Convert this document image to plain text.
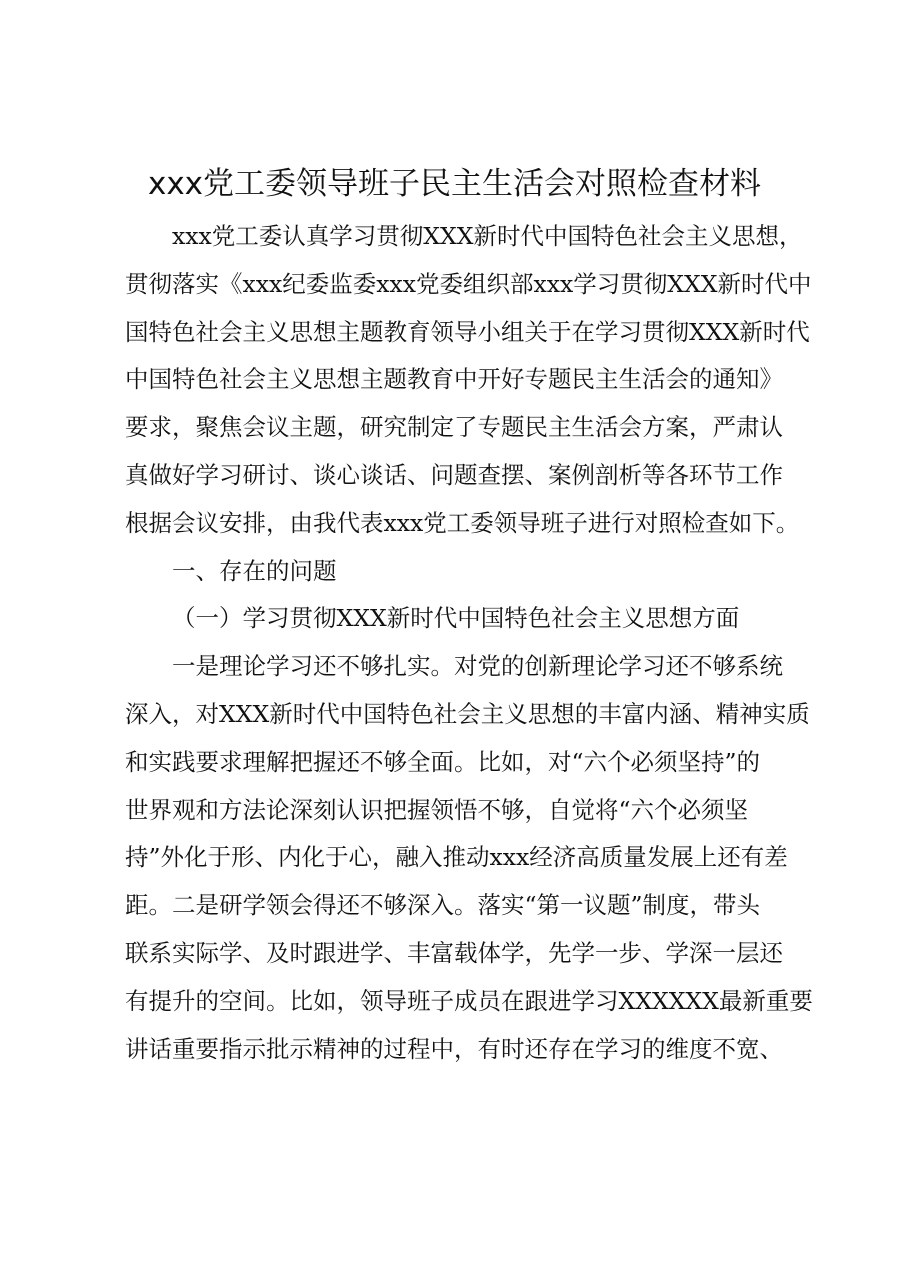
xxx党工委领导班子民主生活会对照检查材料

xxx党工委认真学习贯彻XXX新时代中国特色社会主义思想，

贯彻落实《xxx纪委监委xxx党委组织部xxx学习贯彻XXX新时代中

国特色社会主义思想主题教育领导小组关于在学习贯彻XXX新时代

中国特色社会主义思想主题教育中开好专题民主生活会的通知》

要求，聚焦会议主题，研究制定了专题民主生活会方案，严肃认

真做好学习研讨、谈心谈话、问题查摆、案例剖析等各环节工作

根据会议安排，由我代表xxx党工委领导班子进行对照检查如下。

一、存在的问题

（一）学习贯彻XXX新时代中国特色社会主义思想方面

一是理论学习还不够扎实。对党的创新理论学习还不够系统

深入，对XXX新时代中国特色社会主义思想的丰富内涵、精神实质

和实践要求理解把握还不够全面。比如，对“六个必须坚持”的

世界观和方法论深刻认识把握领悟不够，自觉将“六个必须坚

持”外化于形、内化于心，融入推动xxx经济高质量发展上还有差

距。二是研学领会得还不够深入。落实“第一议题”制度，带头

联系实际学、及时跟进学、丰富载体学，先学一步、学深一层还

有提升的空间。比如，领导班子成员在跟进学习XXXXXX最新重要

讲话重要指示批示精神的过程中，有时还存在学习的维度不宽、
